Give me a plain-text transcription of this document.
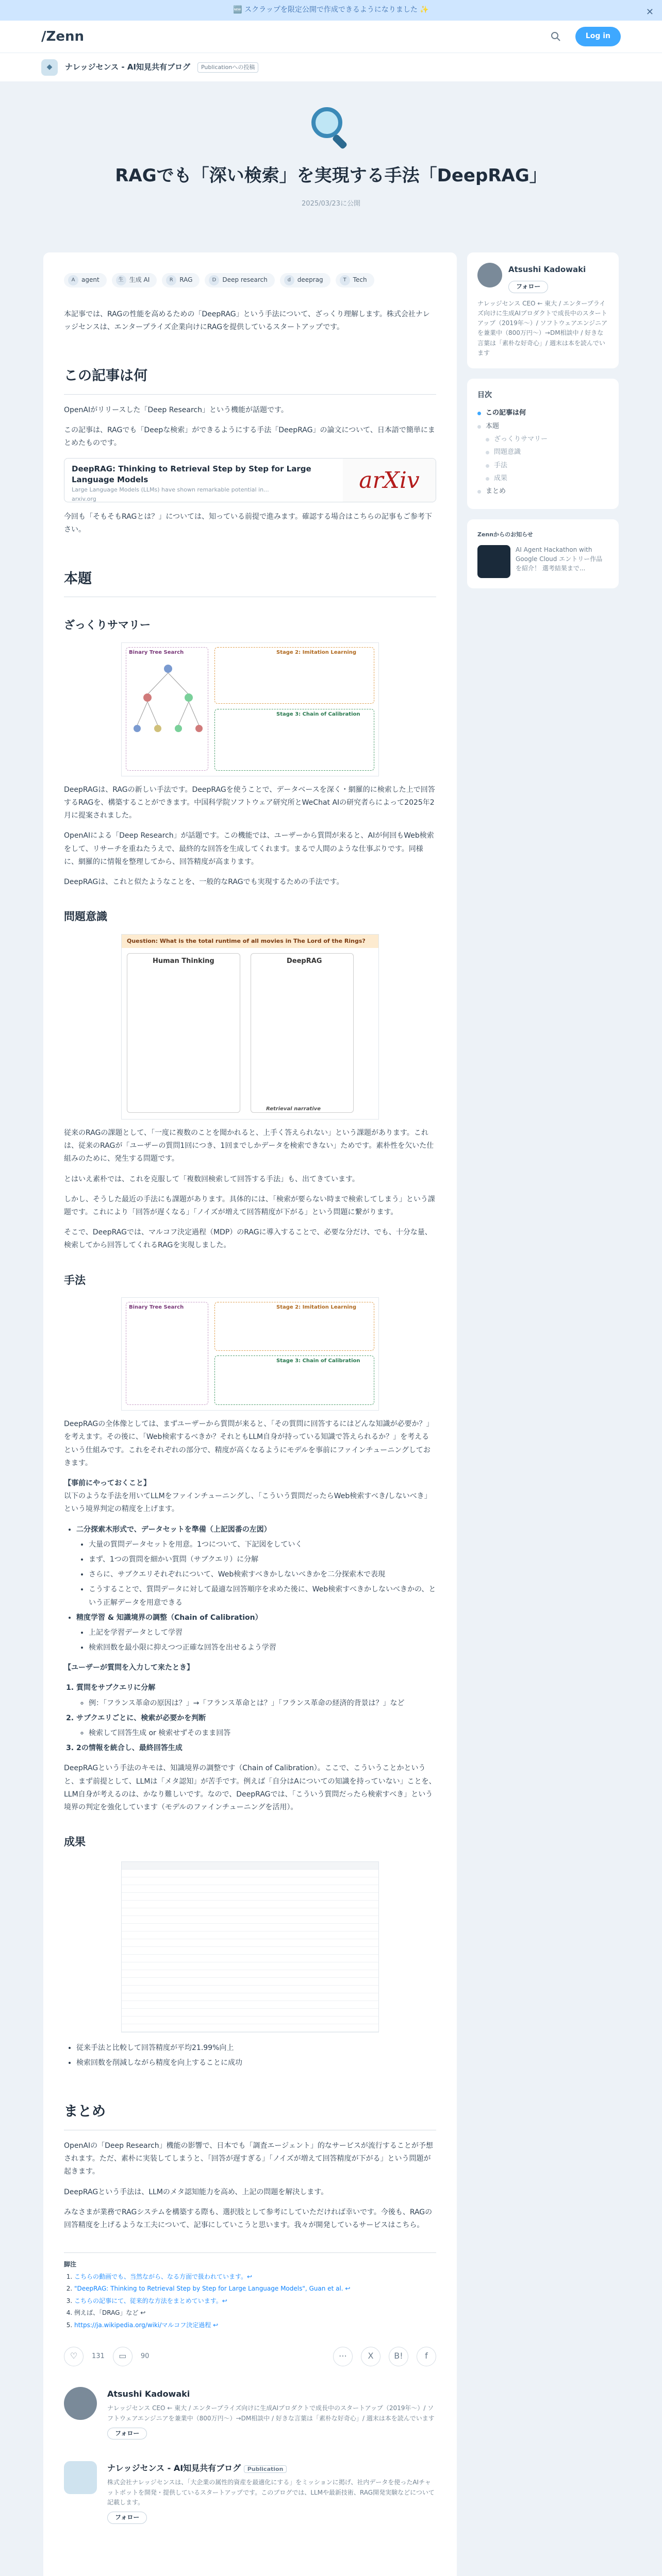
🆕 スクラップを限定公開で作成できるようになりました ✨	✕
/Zenn	Log in
◆	ナレッジセンス - AI知見共有ブログ	Publicationへの投稿
RAGでも「深い検索」を実現する手法「DeepRAG」
2025/03/23に公開
A	agent	生 生成 AI	R	RAG	D	Deep research	d	deeprag	T	Tech

本記事では、RAGの性能を高めるための「DeepRAG」という手法について、ざっくり理解します。株式会社ナレッジセンスは、エンタープライズ企業向けにRAGを提供しているスタートアップです。

この記事は何

OpenAIがリリースした「Deep Research」という機能が話題です。

この記事は、RAGでも「Deepな検索」ができるようにする手法「DeepRAG」の論文について、日本語で簡単にまとめたものです。

DeepRAG: Thinking to Retrieval Step by Step for Large Language Models
Large Language Models (LLMs) have shown remarkable potential in...
arxiv.org
arXiv

今回も「そもそもRAGとは？」については、知っている前提で進みます。確認する場合はこちらの記事もご参考下さい。

本題
ざっくりサマリー
Binary Tree Search	Stage 2: Imitation Learning
Stage 3: Chain of Calibration

DeepRAGは、RAGの新しい手法です。DeepRAGを使うことで、データベースを深く・網羅的に検索した上で回答するRAGを、構築することができます。中国科学院ソフトウェア研究所とWeChat AIの研究者らによって2025年2月に提案されました。

OpenAIによる「Deep Research」が話題です。この機能では、ユーザーから質問が来ると、AIが何回もWeb検索をして、リサーチを重ねたうえで、最終的な回答を生成してくれます。まるで人間のような仕事ぶりです。同様に、網羅的に情報を整理してから、回答精度が高まります。

DeepRAGは、これと似たようなことを、一般的なRAGでも実現するための手法です。

問題意識
Question: What is the total runtime of all movies in The Lord of the Rings?
Human Thinking	DeepRAG
Retrieval narrative

従来のRAGの課題として、「一度に複数のことを聞かれると、上手く答えられない」という課題があります。これは、従来のRAGが「ユーザーの質問1回につき、1回までしかデータを検索できない」ためです。素朴性を欠いた仕組みのために、発生する問題です。

とはいえ素朴では、これを克服して「複数回検索して回答する手法」も、出てきています。

しかし、そうした最近の手法にも課題があります。具体的には、「検索が要らない時まで検索してしまう」という課題です。これにより「回答が遅くなる」「ノイズが増えて回答精度が下がる」という問題に繋がります。

そこで、DeepRAGでは、マルコフ決定過程（MDP）のRAGに導入することで、必要な分だけ、でも、十分な量、検索してから回答してくれるRAGを実現しました。

手法
Binary Tree Search	Stage 2: Imitation Learning
Stage 3: Chain of Calibration

DeepRAGの全体像としては、まずユーザーから質問が来ると、「その質問に回答するにはどんな知識が必要か？」を考えます。その後に、「Web検索するべきか？それともLLM自身が持っている知識で答えられるか？」を考えるという仕組みです。これをそれぞれの部分で、精度が高くなるようにモデルを事前にファインチューニングしておきます。

【事前にやっておくこと】

以下のような手法を用いてLLMをファインチューニングし、「こういう質問だったらWeb検索すべき/しないべき」という境界判定の精度を上げます。

• 二分探索木形式で、データセットを準備（上記図番の左図）
• 大量の質問データセットを用意。1つについて、下記図をしていく
• まず、1つの質問を細かい質問（サブクエリ）に分解
• さらに、サブクエリそれぞれについて、Web検索すべきかしないべきかを二分探索木で表現
• こうすることで、質問データに対して最適な回答順序を求めた後に、Web検索すべきかしないべきかの、という正解データを用意できる
• 精度学習 & 知識境界の調整（Chain of Calibration）
• 上記を学習データとして学習
• 検索回数を最小限に抑えつつ正確な回答を出せるよう学習

【ユーザーが質問を入力して来たとき】

1. 質問をサブクエリに分解
◦ 例：「フランス革命の原因は？」→「フランス革命とは？」「フランス革命の経済的背景は？」など
2. サブクエリごとに、検索が必要かを判断
◦ 検索して回答生成 or 検索せずそのまま回答
3. 2の情報を統合し、最終回答生成

DeepRAGという手法のキモは、知識境界の調整です（Chain of Calibration）。ここで、こういうことかというと、まず前提として、LLMは「メタ認知」が苦手です。例えば「自分はAについての知識を持っていない」ことを、LLM自身が考えるのは、かなり難しいです。なので、DeepRAGでは、「こういう質問だったら検索すべき」という境界の判定を強化しています（モデルのファインチューニングを活用）。

成果
• 従来手法と比較して回答精度が平均21.99%向上
• 検索回数を削減しながら精度を向上することに成功
まとめ

OpenAIの「Deep Research」機能の影響で、日本でも「調査エージェント」的なサービスが流行することが予想されます。ただ、素朴に実装してしまうと、「回答が遅すぎる」「ノイズが増えて回答精度が下がる」という問題が起きます。

DeepRAGという手法は、LLMのメタ認知能力を高め、上記の問題を解決します。

みなさまが業務でRAGシステムを構築する際も、選択肢として参考にしていただければ幸いです。今後も、RAGの回答精度を上げるような工夫について、記事にしていこうと思います。我々が開発しているサービスはこちら。

脚注
1. こちらの動画でも、当然ながら、なる方面で扱われています。↩
2. "DeepRAG: Thinking to Retrieval Step by Step for Large Language Models", Guan et al. ↩
3. こちらの記事にて、従来的な方法をまとめています。↩
4. 例えば、「DRAG」など ↩
5. https://ja.wikipedia.org/wiki/マルコフ決定過程 ↩
♡	131	▭	90	⋯	X	B!	f
Atsushi Kadowaki
ナレッジセンス CEO ← 東大 / エンタープライズ向けに生成AIプロダクトで成長中のスタートアップ（2019年～）/ ソフトウェアエンジニアを兼業中（800万円～）→DM相談中 / 好きな言葉は「素朴な好奇心」/ 週末は本を読んでいます
フォロー
ナレッジセンス - AI知見共有ブログ Publication
株式会社ナレッジセンスは、「大企業の属性的資産を最適化にする」をミッションに掲げ、社内データを使ったAIチャットボットを開発・提供しているスタートアップです。このブログでは、LLMや最新技術、RAG開発実験などについて記載します。
フォロー
Atsushi Kadowaki
フォロー
ナレッジセンス CEO ← 東大 / エンタープライズ向けに生成AIプロダクトで成長中のスタートアップ（2019年～）/ ソフトウェアエンジニアを兼業中（800万円～）→DM相談中 / 好きな言葉は「素朴な好奇心」/ 週末は本を読んでいます
目次
この記事は何
本題
ざっくりサマリー
問題意識
手法
成果
まとめ
Zennからのお知らせ
AI Agent Hackathon with Google Cloud エントリー作品を紹介！ 選考結果まで...
